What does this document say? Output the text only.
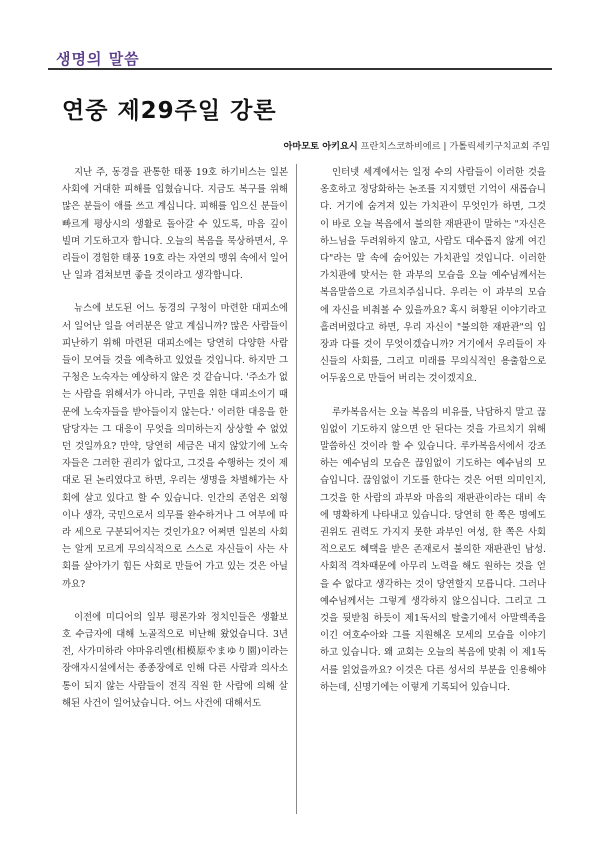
생명의 말씀
연중 제29주일 강론
아마모토 아키요시 프란치스코하비에르 | 가톨릭세키구치교회 주임

지난 주, 동경을 관통한 태풍 19호 하기비스는 일본 사회에 거대한 피해를 입혔습니다. 지금도 복구를 위해 많은 분들이 애를 쓰고 계십니다. 피해를 입으신 분들이 빠르게 평상시의 생활로 돌아갈 수 있도록, 마음 깊이 빌며 기도하고자 합니다. 오늘의 복음을 묵상하면서, 우리들이 경험한 태풍 19호 라는 자연의 맹위 속에서 일어난 일과 겹쳐보면 좋을 것이라고 생각합니다.

뉴스에 보도된 어느 동경의 구청이 마련한 대피소에서 일어난 일을 여러분은 알고 계십니까? 많은 사람들이 피난하기 위해 마련된 대피소에는 당연히 다양한 사람들이 모여들 것을 예측하고 있었을 것입니다. 하지만 그 구청은 노숙자는 예상하지 않은 것 같습니다. '주소가 없는 사람을 위해서가 아니라, 구민을 위한 대피소이기 때문에 노숙자들을 받아들이지 않는다.' 이러한 대응을 한 담당자는 그 대응이 무엇을 의미하는지 상상할 수 없었던 것일까요? 만약, 당연히 세금은 내지 않았기에 노숙자들은 그러한 권리가 없다고, 그것을 수행하는 것이 제대로 된 논리였다고 하면, 우리는 생명을 차별해가는 사회에 살고 있다고 할 수 있습니다. 인간의 존엄은 외형이나 생각, 국민으로서 의무를 완수하거나 그 여부에 따라 세으로 구분되어지는 것인가요? 어쩌면 일본의 사회는 알게 모르게 무의식적으로 스스로 자신들이 사는 사회를 살아가기 힘든 사회로 만들어 가고 있는 것은 아닐까요?

이전에 미디어의 일부 평론가와 정치인들은 생활보호 수급자에 대해 노골적으로 비난해 왔었습니다. 3년 전, 사가미하라 야마유리엔(相模原やまゆり園)이라는 장애자시설에서는 종종장에로 인해 다른 사람과 의사소통이 되지 않는 사람들이 전직 직원 한 사람에 의해 살해된 사건이 일어났습니다. 어느 사건에 대해서도

인터넷 세계에서는 일정 수의 사람들이 이러한 것을 옹호하고 정당화하는 논조를 지지했던 기억이 새롭습니다. 거기에 숨겨져 있는 가치관이 무엇인가 하면, 그것이 바로 오늘 복음에서 불의한 재판관이 말하는 "자신은 하느님을 두려워하지 않고, 사람도 대수롭지 않게 여긴다"라는 말 속에 숨어있는 가치관일 것입니다. 이러한 가치관에 맞서는 한 과부의 모습을 오늘 예수님께서는 복음말씀으로 가르치주십니다. 우리는 이 과부의 모습에 자신을 비춰볼 수 있을까요? 혹시 허황된 이야기라고 흘려버렸다고 하면, 우리 자신이 "불의한 재판관"의 입장과 다를 것이 무엇이겠습니까? 거기에서 우리들이 자신들의 사회를, 그리고 미래를 무의식적인 용출함으로 어두움으로 만들어 버리는 것이겠지요.

루카복음서는 오늘 복음의 비유를, 낙담하지 말고 끊임없이 기도하지 않으면 안 된다는 것을 가르치기 위해 말씀하신 것이라 할 수 있습니다. 루카복음서에서 강조하는 예수님의 모습은 끊임없이 기도하는 예수님의 모습입니다. 끊임없이 기도를 한다는 것은 어떤 의미인지, 그것을 한 사람의 과부와 마음의 재판관이라는 대비 속에 명확하게 나타내고 있습니다. 당연히 한 쪽은 명예도 권위도 권력도 가지지 못한 과부인 여성, 한 쪽은 사회적으로도 혜택을 받은 존재로서 불의한 재판관인 남성. 사회적 격차때문에 아무리 노력을 해도 원하는 것을 얻을 수 없다고 생각하는 것이 당연할지 모릅니다. 그러나 예수님께서는 그렇게 생각하지 않으십니다. 그리고 그것을 뒷받침 하듯이 제1독서의 탈출기에서 아말렉족을 이긴 여호수아와 그를 지원해온 모세의 모습을 이야기하고 있습니다. 왜 교회는 오늘의 복음에 맞춰 이 제1독서를 읽었을까요? 이것은 다른 성서의 부분을 인용해야 하는데, 신명기에는 이렇게 기록되어 있습니다.
